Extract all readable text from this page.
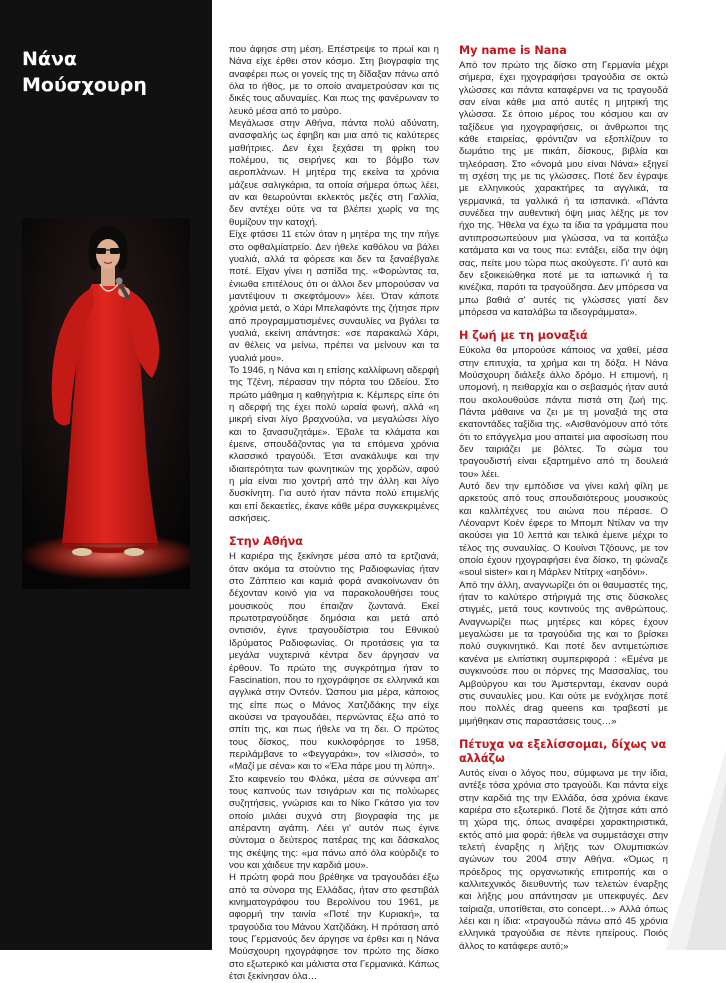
Νάνα
Μούσχουρη

που άφησε στη μέση. Επέστρεψε το πρωί και η Νάνα είχε έρθει στον κόσμο. Στη βιογραφία της αναφέρει πως οι γονείς της τη δίδαξαν πάνω από όλα το ήθος, με το οποίο αναμετρούσαν και τις δικές τους αδυναμίες. Και πως της φανέρωναν το λευκό μέσα από το μαύρο.

Μεγάλωσε στην Αθήνα, πάντα πολύ αδύνατη, ανασφαλής ως έφηβη και μια από τις καλύτερες μαθήτριες. Δεν έχει ξεχάσει τη φρίκη του πολέμου, τις σειρήνες και το βόμβο των αεροπλάνων. Η μητέρα της εκείνα τα χρόνια μάζευε σαλιγκάρια, τα οποία σήμερα όπως λέει, αν και θεωρούνται εκλεκτός μεζές στη Γαλλία, δεν αντέχει ούτε να τα βλέπει χωρίς να της θυμίζουν την κατοχή.

Είχε φτάσει 11 ετών όταν η μητέρα της την πήγε στο οφθαλμίατρείο. Δεν ήθελε καθόλου να βάλει γυαλιά, αλλά τα φόρεσε και δεν τα ξαναέβγαλε ποτέ. Είχαν γίνει η ασπίδα της. «Φορώντας τα, ένιωθα επιτέλους ότι οι άλλοι δεν μπορούσαν να μαντέψουν τι σκεφτόμουν» λέει. Όταν κάποτε χρόνια μετά, ο Χάρι Μπελαφόντε της ζήτησε πριν από προγραμματισμένες συναυλίες να βγάλει τα γυαλιά, εκείνη απάντησε: «σε παρακαλώ Χάρι, αν θέλεις να μείνω, πρέπει να μείνουν και τα γυαλιά μου».

Το 1946, η Νάνα και η επίσης καλλίφωνη αδερφή της Τζένη, πέρασαν την πόρτα του Ωδείου. Στο πρώτο μάθημα η καθηγήτρια κ. Κέμπερς είπε ότι η αδερφή της έχει πολύ ωραία φωνή, αλλά «η μικρή είναι λίγο βραχνούλα, να μεγαλώσει λίγο και το ξανασυζητάμε». Έβαλε τα κλάματα και έμεινε, σπουδάζοντας για τα επόμενα χρόνια κλασσικό τραγούδι. Έτσι ανακάλυψε και την ιδιαιτερότητα των φωνητικών της χορδών, αφού η μία είναι πιο χοντρή από την άλλη και λίγο δυσκίνητη. Για αυτό ήταν πάντα πολύ επιμελής και επί δεκαετίες, έκανε κάθε μέρα συγκεκριμένες ασκήσεις.

Στην Αθήνα

Η καριέρα της ξεκίνησε μέσα από τα ερτζιανά, όταν ακόμα τα στούντιο της Ραδιοφωνίας ήταν στο Ζάππειο και καμιά φορά ανακοίνωναν ότι δέχονταν κοινό για να παρακολουθήσει τους μουσικούς που έπαιζαν ζωντανά. Εκεί πρωτοτραγούδησε δημόσια και μετά από οντισιόν, έγινε τραγουδίστρια του Εθνικού Ιδρύματος Ραδιοφωνίας. Οι προτάσεις για τα μεγάλα νυχτερινά κέντρα δεν άργησαν να έρθουν. Το πρώτο της συγκρότημα ήταν το Fascination, που το ηχογράφησε σε ελληνικά και αγγλικά στην Οντεόν. Ώσπου μια μέρα, κάποιος της είπε πως ο Μάνος Χατζιδάκης την είχε ακούσει να τραγουδάει, περνώντας έξω από το σπίτι της, και πως ήθελε να τη δει. Ο πρώτος τους δίσκος, που κυκλοφόρησε το 1958, περιλάμβανε το «Φεγγαράκι», τον «Ιλισσό», το «Μαζί με σένα» και το «Έλα πάρε μου τη λύπη».

Στο καφενείο του Φλόκα, μέσα σε σύννεφα απ' τους καπνούς των τσιγάρων και τις πολύωρες συζητήσεις, γνώρισε και το Νίκο Γκάτσο για τον οποίο μιλάει συχνά στη βιογραφία της με απέραντη αγάπη. Λέει γι' αυτόν πως έγινε σύντομα ο δεύτερος πατέρας της και δάσκαλος της σκέψης της: «μα πάνω από όλα κούρδιζε το νου και χάιδευε την καρδιά μου».

Η πρώτη φορά που βρέθηκε να τραγουδάει έξω από τα σύνορα της Ελλάδας, ήταν στο φεστιβάλ κινηματογράφου του Βερολίνου του 1961, με αφορμή την ταινία «Ποτέ την Κυριακή», τα τραγούδια του Μάνου Χατζιδάκη. Η πρόταση από τους Γερμανούς δεν άργησε να έρθει και η Νάνα Μούσχουρη ηχογράφησε τον πρώτο της δίσκο στο εξωτερικό και μάλιστα στα Γερμανικά. Κάπως έτσι ξεκίνησαν όλα…

My name is Nana

Από τον πρώτο της δίσκο στη Γερμανία μέχρι σήμερα, έχει ηχογραφήσει τραγούδια σε οκτώ γλώσσες και πάντα καταφέρνει να τις τραγουδά σαν είναι κάθε μια από αυτές η μητρική της γλώσσα. Σε όποιο μέρος του κόσμου και αν ταξίδευε για ηχογραφήσεις, οι άνθρωποι της κάθε εταιρείας, φρόντιζαν να εξοπλίζουν το δωμάτιο της με πικάπ, δίσκους, βιβλία και τηλεόραση. Στο «όνομά μου είναι Νάνα» εξηγεί τη σχέση της με τις γλώσσες. Ποτέ δεν έγραψε με ελληνικούς χαρακτήρες τα αγγλικά, τα γερμανικά, τα γαλλικά ή τα ισπανικά. «Πάντα συνέδεα την αυθεντική όψη μιας λέξης με τον ήχο της. Ήθελα να έχω τα ίδια τα γράμματα που αντιπροσωπεύουν μια γλώσσα, να τα κοιτάξω κατάματα και να τους πω: εντάξει, είδα την όψη σας, πείτε μου τώρα πως ακούγεστε. Γι' αυτό και δεν εξοικειώθηκα ποτέ με τα ιαπωνικά ή τα κινέζικα, παρότι τα τραγούδησα. Δεν μπόρεσα να μπω βαθιά σ' αυτές τις γλώσσες γιατί δεν μπόρεσα να καταλάβω τα ιδεογράμματα».

Η ζωή με τη μοναξιά

Εύκολα θα μπορούσε κάποιος να χαθεί, μέσα στην επιτυχία, τα χρήμα και τη δόξα. Η Νάνα Μούσχουρη διάλεξε άλλο δρόμο. Η επιμονή, η υπομονή, η πειθαρχία και ο σεβασμός ήταν αυτά που ακολουθούσε πάντα πιστά στη ζωή της. Πάντα μάθαινε να ζει με τη μοναξιά της στα εκατοντάδες ταξίδια της. «Αισθανόμουν από τότε ότι το επάγγελμα μου απαιτεί μια αφοσίωση που δεν ταιριάζει με βόλτες. Το σώμα του τραγουδιστή είναι εξαρτημένο από τη δουλειά του» λέει.

Αυτό δεν την εμπόδισε να γίνει καλή φίλη με αρκετούς από τους σπουδαιότερους μουσικούς και καλλιτέχνες του αιώνα που πέρασε. Ο Λέοναρντ Κοέν έφερε το Μπομπ Ντίλαν να την ακούσει για 10 λεπτά και τελικά έμεινε μέχρι το τέλος της συναυλίας. Ο Κουίνσι Τζόουνς, με τον οποίο έχουν ηχογραφήσει ένα δίσκο, τη φώναζε «soul sister» και η Μάρλεν Ντίτριχ «αηδόνι».

Από την άλλη, αναγνωρίζει ότι οι θαυμαστές της, ήταν το καλύτερο στήριγμά της στις δύσκολες στιγμές, μετά τους κοντινούς της ανθρώπους. Αναγνωρίζει πως μητέρες και κόρες έχουν μεγαλώσει με τα τραγούδια της και το βρίσκει πολύ συγκινητικό. Και ποτέ δεν αντιμετώπισε κανένα με ελιτίστικη συμπεριφορά : «Εμένα με συγκινούσε που οι πόρνες της Μασσαλίας, του Αμβούργου και του Άμστερνταμ, έκαναν ουρά στις συναυλίες μου. Και ούτε με ενόχλησε ποτέ που πολλές drag queens και τραβεστί με μιμήθηκαν στις παραστάσεις τους…»

Πέτυχα να εξελίσσομαι, δίχως να αλλάζω

Αυτός είναι ο λόγος που, σύμφωνα με την ίδια, αντέξε τόσα χρόνια στο τραγούδι. Και πάντα είχε στην καρδιά της την Ελλάδα, όσα χρόνια έκανε καριέρα στο εξωτερικό. Ποτέ δε ζήτησε κάτι από τη χώρα της, όπως αναφέρει χαρακτηριστικά, εκτός από μια φορά: ήθελε να συμμετάσχει στην τελετή έναρξης η λήξης των Ολυμπιακών αγώνων του 2004 στην Αθήνα. «Όμως η πρόεδρος της οργανωτικής επιτροπής και ο καλλιτεχνικός διευθυντής των τελετών έναρξης και λήξης μου απάντησαν με υπεκφυγές. Δεν ταίριαζα, υποτίθεται, στο concept…» Αλλά όπως λέει και η ίδια: «τραγουδώ πάνω από 45 χρόνια ελληνικά τραγούδια σε πέντε ηπείρους. Ποιός άλλος το κατάφερε αυτό;»
